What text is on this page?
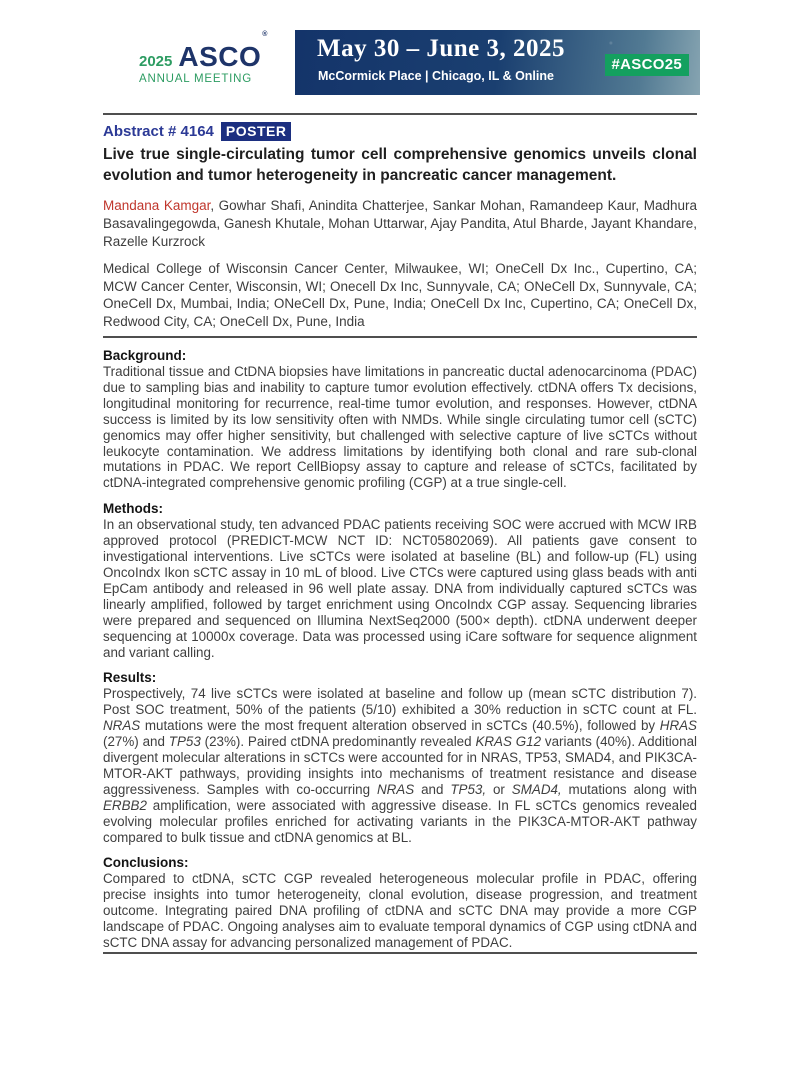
2025 ASCO®
ANNUAL MEETING
May 30 – June 3, 2025
McCormick Place | Chicago, IL & Online
#ASCO25
Abstract # 4164 POSTER
Live true single-circulating tumor cell comprehensive genomics unveils clonal evolution and tumor heterogeneity in pancreatic cancer management.
Mandana Kamgar, Gowhar Shafi, Anindita Chatterjee, Sankar Mohan, Ramandeep Kaur, Madhura Basavalingegowda, Ganesh Khutale, Mohan Uttarwar, Ajay Pandita, Atul Bharde, Jayant Khandare, Razelle Kurzrock
Medical College of Wisconsin Cancer Center, Milwaukee, WI; OneCell Dx Inc., Cupertino, CA; MCW Cancer Center, Wisconsin, WI; Onecell Dx Inc, Sunnyvale, CA; ONeCell Dx, Sunnyvale, CA; OneCell Dx, Mumbai, India; ONeCell Dx, Pune, India; OneCell Dx Inc, Cupertino, CA; OneCell Dx, Redwood City, CA; OneCell Dx, Pune, India
Background:
Traditional tissue and CtDNA biopsies have limitations in pancreatic ductal adenocarcinoma (PDAC) due to sampling bias and inability to capture tumor evolution effectively. ctDNA offers Tx decisions, longitudinal monitoring for recurrence, real-time tumor evolution, and responses. However, ctDNA success is limited by its low sensitivity often with NMDs. While single circulating tumor cell (sCTC) genomics may offer higher sensitivity, but challenged with selective capture of live sCTCs without leukocyte contamination. We address limitations by identifying both clonal and rare sub-clonal mutations in PDAC. We report CellBiopsy assay to capture and release of sCTCs, facilitated by ctDNA-integrated comprehensive genomic profiling (CGP) at a true single-cell.
Methods:
In an observational study, ten advanced PDAC patients receiving SOC were accrued with MCW IRB approved protocol (PREDICT-MCW NCT ID: NCT05802069). All patients gave consent to investigational interventions. Live sCTCs were isolated at baseline (BL) and follow-up (FL) using OncoIndx Ikon sCTC assay in 10 mL of blood. Live CTCs were captured using glass beads with anti EpCam antibody and released in 96 well plate assay. DNA from individually captured sCTCs was linearly amplified, followed by target enrichment using OncoIndx CGP assay. Sequencing libraries were prepared and sequenced on Illumina NextSeq2000 (500× depth). ctDNA underwent deeper sequencing at 10000x coverage. Data was processed using iCare software for sequence alignment and variant calling.
Results:
Prospectively, 74 live sCTCs were isolated at baseline and follow up (mean sCTC distribution 7). Post SOC treatment, 50% of the patients (5/10) exhibited a 30% reduction in sCTC count at FL. NRAS mutations were the most frequent alteration observed in sCTCs (40.5%), followed by HRAS (27%) and TP53 (23%). Paired ctDNA predominantly revealed KRAS G12 variants (40%). Additional divergent molecular alterations in sCTCs were accounted for in NRAS, TP53, SMAD4, and PIK3CA-MTOR-AKT pathways, providing insights into mechanisms of treatment resistance and disease aggressiveness. Samples with co-occurring NRAS and TP53, or SMAD4, mutations along with ERBB2 amplification, were associated with aggressive disease. In FL sCTCs genomics revealed evolving molecular profiles enriched for activating variants in the PIK3CA-MTOR-AKT pathway compared to bulk tissue and ctDNA genomics at BL.
Conclusions:
Compared to ctDNA, sCTC CGP revealed heterogeneous molecular profile in PDAC, offering precise insights into tumor heterogeneity, clonal evolution, disease progression, and treatment outcome. Integrating paired DNA profiling of ctDNA and sCTC DNA may provide a more CGP landscape of PDAC. Ongoing analyses aim to evaluate temporal dynamics of CGP using ctDNA and sCTC DNA assay for advancing personalized management of PDAC.
